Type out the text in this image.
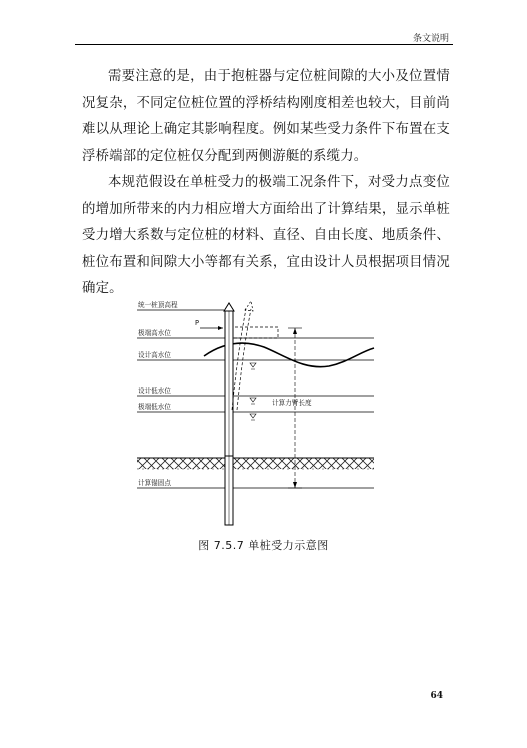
条文说明

需要注意的是，由于抱桩器与定位桩间隙的大小及位置情况复杂，不同定位桩位置的浮桥结构刚度相差也较大，目前尚难以从理论上确定其影响程度。例如某些受力条件下布置在支浮桥端部的定位桩仅分配到两侧游艇的系缆力。

本规范假设在单桩受力的极端工况条件下，对受力点变位的增加所带来的内力相应增大方面给出了计算结果，显示单桩受力增大系数与定位桩的材料、直径、自由长度、地质条件、桩位布置和间隙大小等都有关系，宜由设计人员根据项目情况确定。

统一桩顶高程
极端高水位
设计高水位
设计低水位
极端低水位
计算锚固点
P
计算力臂长度
图 7.5.7 单桩受力示意图
64
